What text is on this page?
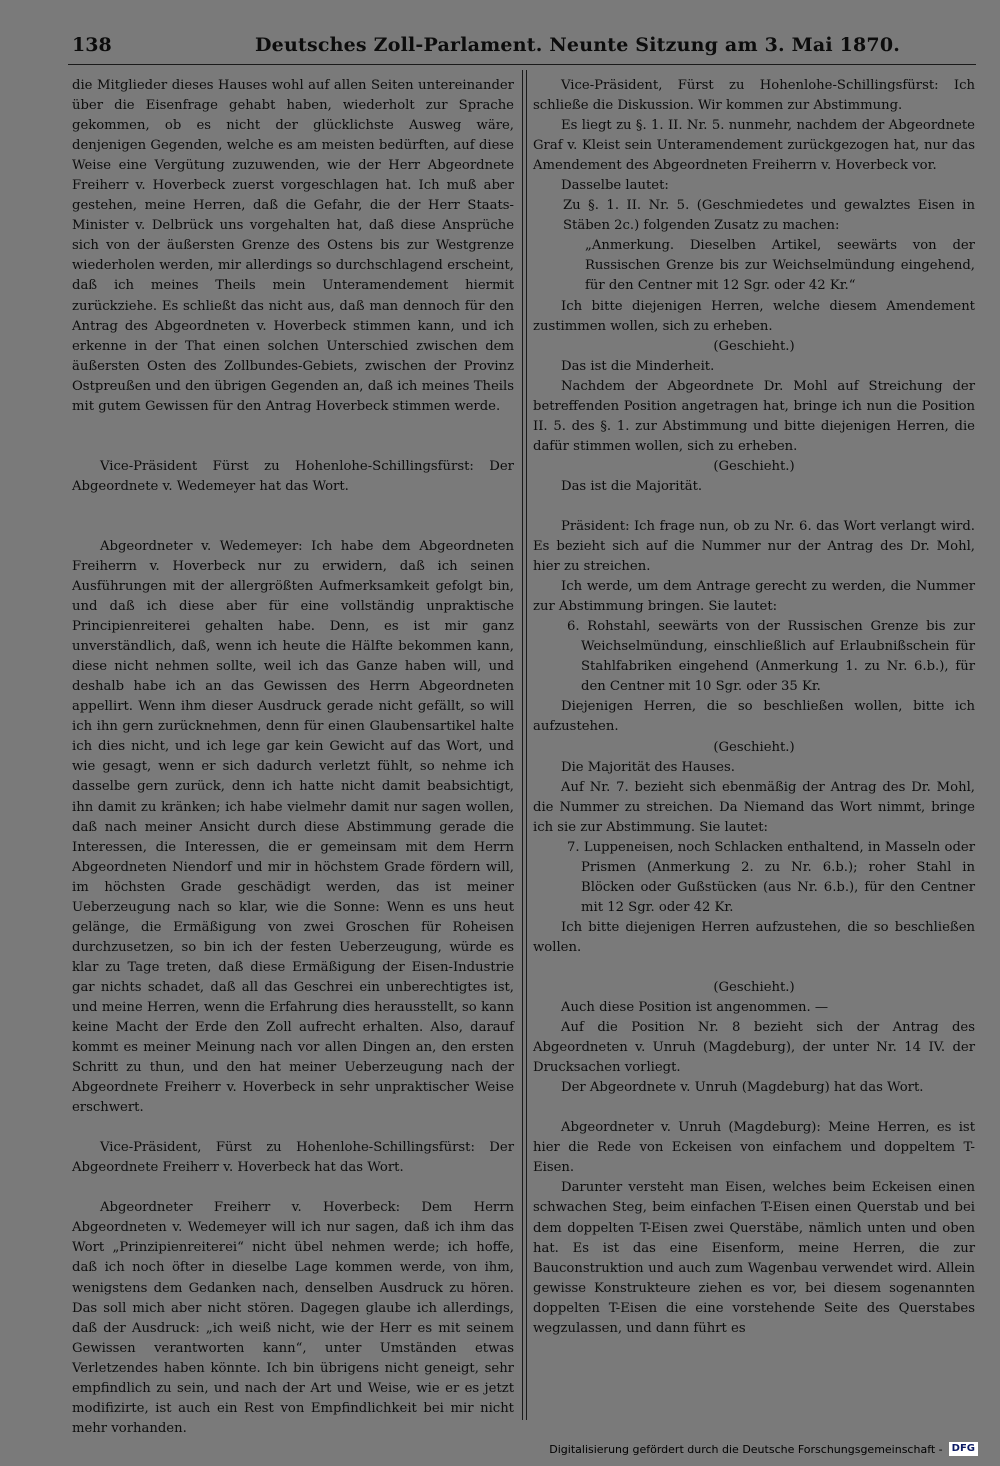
138	Deutsches Zoll-Parlament. Neunte Sitzung am 3. Mai 1870.

die Mitglieder dieses Hauses wohl auf allen Seiten untereinander über die Eisenfrage gehabt haben, wiederholt zur Sprache gekommen, ob es nicht der glücklichste Ausweg wäre, denjenigen Gegenden, welche es am meisten bedürften, auf diese Weise eine Vergütung zuzuwenden, wie der Herr Abgeordnete Freiherr v. Hoverbeck zuerst vorgeschlagen hat. Ich muß aber gestehen, meine Herren, daß die Gefahr, die der Herr Staats-Minister v. Delbrück uns vorgehalten hat, daß diese Ansprüche sich von der äußersten Grenze des Ostens bis zur Westgrenze wiederholen werden, mir allerdings so durchschlagend erscheint, daß ich meines Theils mein Unteramendement hiermit zurückziehe. Es schließt das nicht aus, daß man dennoch für den Antrag des Abgeordneten v. Hoverbeck stimmen kann, und ich erkenne in der That einen solchen Unterschied zwischen dem äußersten Osten des Zollbundes-Gebiets, zwischen der Provinz Ostpreußen und den übrigen Gegenden an, daß ich meines Theils mit gutem Gewissen für den Antrag Hoverbeck stimmen werde.

Vice-Präsident Fürst zu Hohenlohe-Schillingsfürst: Der Abgeordnete v. Wedemeyer hat das Wort.

Abgeordneter v. Wedemeyer: Ich habe dem Abgeordneten Freiherrn v. Hoverbeck nur zu erwidern, daß ich seinen Ausführungen mit der allergrößten Aufmerksamkeit gefolgt bin, und daß ich diese aber für eine vollständig unpraktische Principienreiterei gehalten habe. Denn, es ist mir ganz unverständlich, daß, wenn ich heute die Hälfte bekommen kann, diese nicht nehmen sollte, weil ich das Ganze haben will, und deshalb habe ich an das Gewissen des Herrn Abgeordneten appellirt. Wenn ihm dieser Ausdruck gerade nicht gefällt, so will ich ihn gern zurücknehmen, denn für einen Glaubensartikel halte ich dies nicht, und ich lege gar kein Gewicht auf das Wort, und wie gesagt, wenn er sich dadurch verletzt fühlt, so nehme ich dasselbe gern zurück, denn ich hatte nicht damit beabsichtigt, ihn damit zu kränken; ich habe vielmehr damit nur sagen wollen, daß nach meiner Ansicht durch diese Abstimmung gerade die Interessen, die Interessen, die er gemeinsam mit dem Herrn Abgeordneten Niendorf und mir in höchstem Grade fördern will, im höchsten Grade geschädigt werden, das ist meiner Ueberzeugung nach so klar, wie die Sonne: Wenn es uns heut gelänge, die Ermäßigung von zwei Groschen für Roheisen durchzusetzen, so bin ich der festen Ueberzeugung, würde es klar zu Tage treten, daß diese Ermäßigung der Eisen-Industrie gar nichts schadet, daß all das Geschrei ein unberechtigtes ist, und meine Herren, wenn die Erfahrung dies herausstellt, so kann keine Macht der Erde den Zoll aufrecht erhalten. Also, darauf kommt es meiner Meinung nach vor allen Dingen an, den ersten Schritt zu thun, und den hat meiner Ueberzeugung nach der Abgeordnete Freiherr v. Hoverbeck in sehr unpraktischer Weise erschwert.

Vice-Präsident, Fürst zu Hohenlohe-Schillingsfürst: Der Abgeordnete Freiherr v. Hoverbeck hat das Wort.

Abgeordneter Freiherr v. Hoverbeck: Dem Herrn Abgeordneten v. Wedemeyer will ich nur sagen, daß ich ihm das Wort „Prinzipienreiterei“ nicht übel nehmen werde; ich hoffe, daß ich noch öfter in dieselbe Lage kommen werde, von ihm, wenigstens dem Gedanken nach, denselben Ausdruck zu hören. Das soll mich aber nicht stören. Dagegen glaube ich allerdings, daß der Ausdruck: „ich weiß nicht, wie der Herr es mit seinem Gewissen verantworten kann“, unter Umständen etwas Verletzendes haben könnte. Ich bin übrigens nicht geneigt, sehr empfindlich zu sein, und nach der Art und Weise, wie er es jetzt modifizirte, ist auch ein Rest von Empfindlichkeit bei mir nicht mehr vorhanden.

Vice-Präsident, Fürst zu Hohenlohe-Schillingsfürst: Ich schließe die Diskussion. Wir kommen zur Abstimmung.

Es liegt zu §. 1. II. Nr. 5. nunmehr, nachdem der Abgeordnete Graf v. Kleist sein Unteramendement zurückgezogen hat, nur das Amendement des Abgeordneten Freiherrn v. Hoverbeck vor.

Dasselbe lautet:

Zu §. 1. II. Nr. 5. (Geschmiedetes und gewalztes Eisen in Stäben 2c.) folgenden Zusatz zu machen:

„Anmerkung. Dieselben Artikel, seewärts von der Russischen Grenze bis zur Weichselmündung eingehend, für den Centner mit 12 Sgr. oder 42 Kr.“

Ich bitte diejenigen Herren, welche diesem Amendement zustimmen wollen, sich zu erheben.

(Geschieht.)

Das ist die Minderheit.

Nachdem der Abgeordnete Dr. Mohl auf Streichung der betreffenden Position angetragen hat, bringe ich nun die Position II. 5. des §. 1. zur Abstimmung und bitte diejenigen Herren, die dafür stimmen wollen, sich zu erheben.

(Geschieht.)

Das ist die Majorität.

Präsident: Ich frage nun, ob zu Nr. 6. das Wort verlangt wird. Es bezieht sich auf die Nummer nur der Antrag des Dr. Mohl, hier zu streichen.

Ich werde, um dem Antrage gerecht zu werden, die Nummer zur Abstimmung bringen. Sie lautet:

6. Rohstahl, seewärts von der Russischen Grenze bis zur Weichselmündung, einschließlich auf Erlaubnißschein für Stahlfabriken eingehend (Anmerkung 1. zu Nr. 6.b.), für den Centner mit 10 Sgr. oder 35 Kr.

Diejenigen Herren, die so beschließen wollen, bitte ich aufzustehen.

(Geschieht.)

Die Majorität des Hauses.

Auf Nr. 7. bezieht sich ebenmäßig der Antrag des Dr. Mohl, die Nummer zu streichen. Da Niemand das Wort nimmt, bringe ich sie zur Abstimmung. Sie lautet:

7. Luppeneisen, noch Schlacken enthaltend, in Masseln oder Prismen (Anmerkung 2. zu Nr. 6.b.); roher Stahl in Blöcken oder Gußstücken (aus Nr. 6.b.), für den Centner mit 12 Sgr. oder 42 Kr.

Ich bitte diejenigen Herren aufzustehen, die so beschließen wollen.

(Geschieht.)

Auch diese Position ist angenommen. —

Auf die Position Nr. 8 bezieht sich der Antrag des Abgeordneten v. Unruh (Magdeburg), der unter Nr. 14 IV. der Drucksachen vorliegt.

Der Abgeordnete v. Unruh (Magdeburg) hat das Wort.

Abgeordneter v. Unruh (Magdeburg): Meine Herren, es ist hier die Rede von Eckeisen von einfachem und doppeltem T-Eisen.

Darunter versteht man Eisen, welches beim Eckeisen einen schwachen Steg, beim einfachen T-Eisen einen Querstab und bei dem doppelten T-Eisen zwei Querstäbe, nämlich unten und oben hat. Es ist das eine Eisenform, meine Herren, die zur Bauconstruktion und auch zum Wagenbau verwendet wird. Allein gewisse Konstrukteure ziehen es vor, bei diesem sogenannten doppelten T-Eisen die eine vorstehende Seite des Querstabes wegzulassen, und dann führt es

Digitalisierung gefördert durch die Deutsche Forschungsgemeinschaft - DFG
